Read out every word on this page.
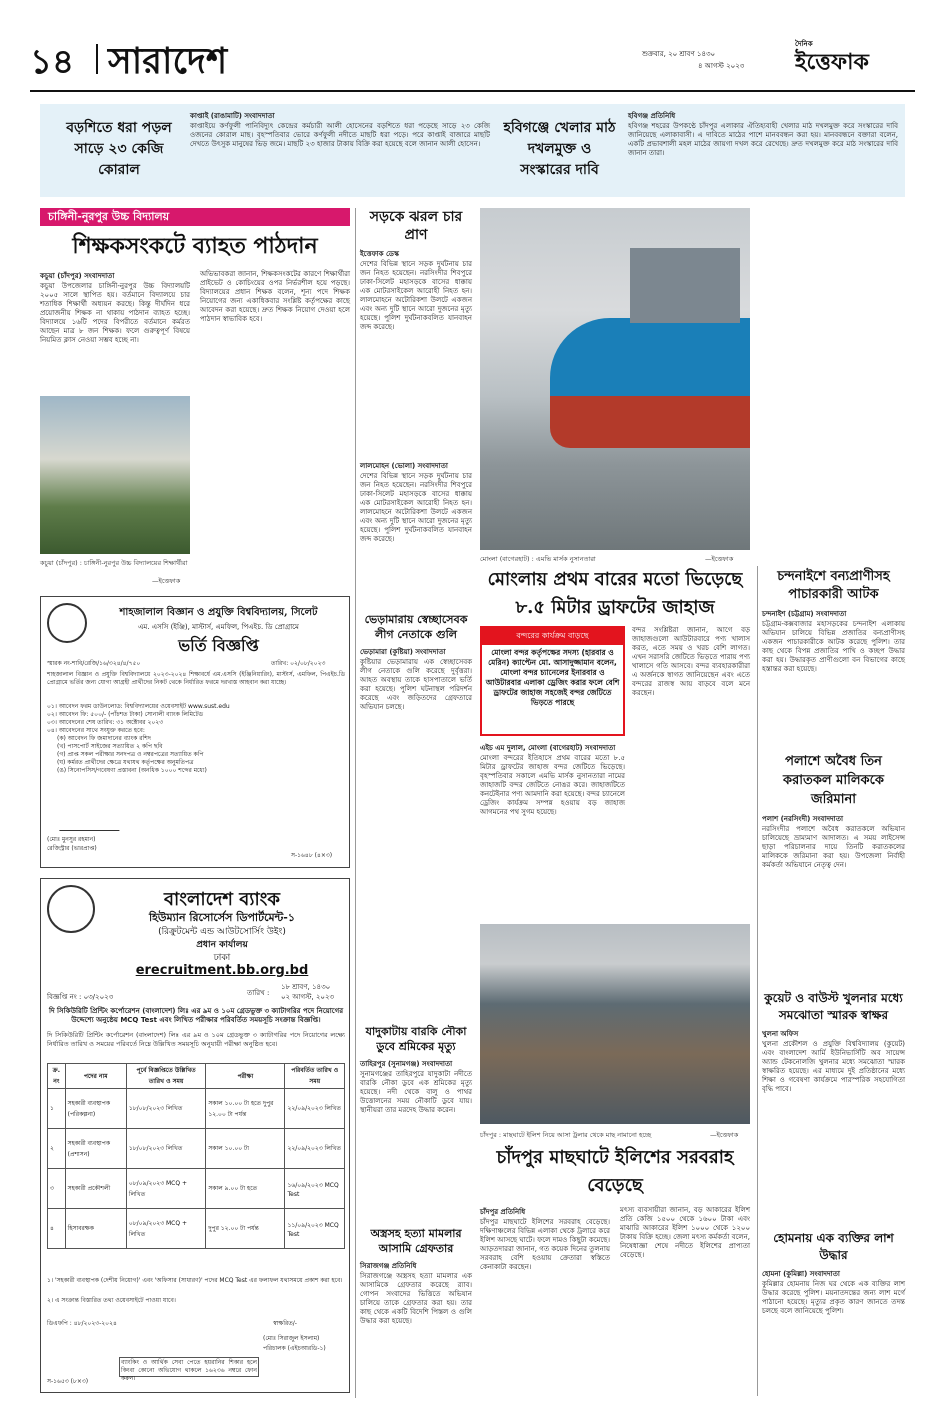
১৪ সারাদেশ	শুক্রবার, ২০ শ্রাবণ ১৪৩০
৪ আগস্ট ২০২৩
দৈনিক
ইত্তেফাক
বড়শিতে ধরা পড়ল সাড়ে ২৩ কেজি কোরাল
কাপ্তাই (রাঙামাটি) সংবাদদাতা
কাপ্তাইয়ে কর্ণফুলী পানিবিদ্যুৎ কেন্দ্রের কর্মচারী আলী হোসেনের বড়শিতে ধরা পড়েছে সাড়ে ২৩ কেজি ওজনের কোরাল মাছ। বৃহস্পতিবার ভোরে কর্ণফুলী নদীতে মাছটি ধরা পড়ে। পরে কাপ্তাই বাজারে মাছটি দেখতে উৎসুক মানুষের ভিড় জমে। মাছটি ২৩ হাজার টাকায় বিক্রি করা হয়েছে বলে জানান আলী হোসেন।
হবিগঞ্জে খেলার মাঠ দখলমুক্ত ও সংস্কারের দাবি
হবিগঞ্জ প্রতিনিধি
হবিগঞ্জ শহরের উপকণ্ঠে চাঁদপুর এলাকার ঐতিহ্যবাহী খেলার মাঠ দখলমুক্ত করে সংস্কারের দাবি জানিয়েছে এলাকাবাসী। এ দাবিতে মাঠের পাশে মানববন্ধন করা হয়। মানববন্ধনে বক্তারা বলেন, একটি প্রভাবশালী মহল মাঠের জায়গা দখল করে রেখেছে। দ্রুত দখলমুক্ত করে মাঠ সংস্কারের দাবি জানান তারা।
চাঙ্গিনী-নুরপুর উচ্চ বিদ্যালয়
শিক্ষকসংকটে ব্যাহত পাঠদান
কচুয়া (চাঁদপুর) সংবাদদাতা
কচুয়া উপজেলার চাঙ্গিনী-নুরপুর উচ্চ বিদ্যালয়টি ২০০৫ সালে স্থাপিত হয়। বর্তমানে বিদ্যালয়ে চার শতাধিক শিক্ষার্থী অধ্যয়ন করছে। কিন্তু দীর্ঘদিন ধরে প্রয়োজনীয় শিক্ষক না থাকায় পাঠদান ব্যাহত হচ্ছে। বিদ্যালয়ে ১৬টি পদের বিপরীতে বর্তমানে কর্মরত আছেন মাত্র ৮ জন শিক্ষক। ফলে গুরুত্বপূর্ণ বিষয়ে নিয়মিত ক্লাস নেওয়া সম্ভব হচ্ছে না।
কচুয়া (চাঁদপুর) : চাঙ্গিনী-নুরপুর উচ্চ বিদ্যালয়ের শিক্ষার্থীরা
—ইত্তেফাক
অভিভাবকরা জানান, শিক্ষকসংকটের কারণে শিক্ষার্থীরা প্রাইভেট ও কোচিংয়ের ওপর নির্ভরশীল হয়ে পড়ছে। বিদ্যালয়ের প্রধান শিক্ষক বলেন, শূন্য পদে শিক্ষক নিয়োগের জন্য একাধিকবার সংশ্লিষ্ট কর্তৃপক্ষের কাছে আবেদন করা হয়েছে। দ্রুত শিক্ষক নিয়োগ দেওয়া হলে পাঠদান স্বাভাবিক হবে।
শাহজালাল বিজ্ঞান ও প্রযুক্তি বিশ্ববিদ্যালয়, সিলেট
এম. এসসি (ইঞ্জি), মাস্টার্স, এমফিল, পিএইচ. ডি প্রোগ্রামে
ভর্তি বিজ্ঞপ্তি
স্মারক নং-শাবি/রেজি/১৬/৩২৪/৪/৭৫০	তারিখ: ০২/০৮/২০২৩
শাহজালাল বিজ্ঞান ও প্রযুক্তি বিশ্ববিদ্যালয়ে ২০২৩-২০২৪ শিক্ষাবর্ষে এম.এসসি (ইঞ্জিনিয়ারিং), মাস্টার্স, এমফিল, পিএইচ.ডি প্রোগ্রামে ভর্তির জন্য যোগ্য আগ্রহী প্রার্থীদের নিকট থেকে নির্ধারিত ফরমে দরখাস্ত আহবান করা যাচ্ছে।
০১। আবেদন ফরম ডাউনলোড: বিশ্ববিদ্যালয়ের ওয়েবসাইট www.sust.edu
০২। আবেদন ফি: ৫০০/- (পাঁচশত টাকা) সোনালী ব্যাংক লিমিটেড
০৩। আবেদনের শেষ তারিখ: ৩১ অক্টোবর ২০২৩
০৪। আবেদনের সাথে সংযুক্ত করতে হবে:
(ক) আবেদন ফি জমাদানের ব্যাংক রশিদ
(খ) পাসপোর্ট সাইজের সত্যায়িত ২ কপি ছবি
(গ) প্রাপ্ত সকল পরীক্ষার সনদপত্র ও নম্বরপত্রের সত্যায়িত কপি
(ঘ) কর্মরত প্রার্থীদের ক্ষেত্রে যথাযথ কর্তৃপক্ষের অনুমতিপত্র
(ঙ) সিনোপসিস/গবেষণা প্রস্তাবনা (অনধিক ১০০০ শব্দের মধ্যে)
(মোঃ মুনসুর রহমান)
রেজিস্ট্রার (ভারপ্রাপ্ত)
স-১৬৪৮ (৪×৩)
বাংলাদেশ ব্যাংক
হিউম্যান রিসোর্সেস ডিপার্টমেন্ট-১
(রিক্রুটমেন্ট এন্ড আউটসোর্সিং উইং)
প্রধান কার্যালয়
ঢাকা
erecruitment.bb.org.bd
বিজ্ঞপ্তি নং : ০৩/২০২৩	তারিখ :
১৮ শ্রাবণ, ১৪৩০
০২ আগস্ট, ২০২৩
দি সিকিউরিটি প্রিন্টিং কর্পোরেশন (বাংলাদেশ) লিঃ এর ৯ম ও ১০ম গ্রেডভুক্ত ৩ ক্যাটাগরির পদে নিয়োগের উদ্দেশ্যে অনুষ্ঠেয় MCQ Test এবং লিখিত পরীক্ষার পরিবর্তিত সময়সূচি সংক্রান্ত বিজ্ঞপ্তি।
দি সিকিউরিটি প্রিন্টিং কর্পোরেশন (বাংলাদেশ) লিঃ এর ৯ম ও ১০ম গ্রেডভুক্ত ৩ ক্যাটাগরির পদে নিয়োগের লক্ষ্যে নির্ধারিত তারিখ ও সময়ের পরিবর্তে নিম্নে উল্লিখিত সময়সূচি অনুযায়ী পরীক্ষা অনুষ্ঠিত হবে।
ক্র. নং	পদের নাম	পূর্বে বিজ্ঞপ্তিতে উল্লিখিত তারিখ ও সময়	পরীক্ষা	পরিবর্তিত তারিখ ও সময়
১	সহকারী ব্যবস্থাপক (পরিকল্পনা)	১৮/০৮/২০২৩ লিখিত	সকাল ১০.০০ টা হতে দুপুর ১২.০০ টা পর্যন্ত	২২/০৯/২০২৩ লিখিত
২	সহকারী ব্যবস্থাপক (প্রশাসন)	১৮/০৮/২০২৩ লিখিত	সকাল ১০.০০ টা	২২/০৯/২০২৩ লিখিত
৩	সহকারী প্রকৌশলী	০৮/০৯/২০২৩ MCQ + লিখিত	সকাল ৯.০০ টা হতে	১৬/০৯/২০২৩ MCQ Test
৪	হিসাবরক্ষক	০৮/০৯/২০২৩ MCQ + লিখিত	দুপুর ১২.০০ টা পর্যন্ত	১১/০৯/২০২৩ MCQ Test
১। 'সহকারী ব্যবস্থাপক (দেশীয় নিয়োগ)' এবং 'অফিসার (সাধারণ)' পদের MCQ Test এর ফলাফল যথাসময়ে প্রকাশ করা হবে।
২। এ সংক্রান্ত বিস্তারিত তথ্য ওয়েবসাইটে পাওয়া যাবে।
ডিএফপি : ৪৮/২০২৩-২০২৪	স্বাক্ষরিত/-
(মোঃ সিরাজুল ইসলাম)
পরিচালক (এইচআরডি-১)
ব্যাংকিং ও আর্থিক সেবা পেতে হয়রানির শিকার হলে কিংবা কোনো অভিযোগ থাকলে ১৬২৩৬ নম্বরে ফোন করুন।
স-১৬৫৩ (৮×৩)
সড়কে ঝরল চার প্রাণ
ইত্তেফাক ডেস্ক
দেশের বিভিন্ন স্থানে সড়ক দুর্ঘটনায় চার জন নিহত হয়েছেন। নরসিংদীর শিবপুরে ঢাকা-সিলেট মহাসড়কে বাসের ধাক্কায় এক মোটরসাইকেল আরোহী নিহত হন। লালমোহনে অটোরিকশা উলটে একজন এবং অন্য দুটি স্থানে আরো দুজনের মৃত্যু হয়েছে। পুলিশ দুর্ঘটনাকবলিত যানবাহন জব্দ করেছে।
লালমোহন (ভোলা) সংবাদদাতা
দেশের বিভিন্ন স্থানে সড়ক দুর্ঘটনায় চার জন নিহত হয়েছেন। নরসিংদীর শিবপুরে ঢাকা-সিলেট মহাসড়কে বাসের ধাক্কায় এক মোটরসাইকেল আরোহী নিহত হন। লালমোহনে অটোরিকশা উলটে একজন এবং অন্য দুটি স্থানে আরো দুজনের মৃত্যু হয়েছে। পুলিশ দুর্ঘটনাকবলিত যানবাহন জব্দ করেছে।
ভেড়ামারায় স্বেচ্ছাসেবক লীগ নেতাকে গুলি
ভেড়ামারা (কুষ্টিয়া) সংবাদদাতা
কুষ্টিয়ার ভেড়ামারায় এক স্বেচ্ছাসেবক লীগ নেতাকে গুলি করেছে দুর্বৃত্তরা। আহত অবস্থায় তাকে হাসপাতালে ভর্তি করা হয়েছে। পুলিশ ঘটনাস্থল পরিদর্শন করেছে এবং জড়িতদের গ্রেফতারে অভিযান চলছে।
যাদুকাটায় বারকি নৌকা ডুবে শ্রমিকের মৃত্যু
তাহিরপুর (সুনামগঞ্জ) সংবাদদাতা
সুনামগঞ্জের তাহিরপুরে যাদুকাটা নদীতে বারকি নৌকা ডুবে এক শ্রমিকের মৃত্যু হয়েছে। নদী থেকে বালু ও পাথর উত্তোলনের সময় নৌকাটি ডুবে যায়। স্থানীয়রা তার মরদেহ উদ্ধার করেন।
অস্ত্রসহ হত্যা মামলার আসামি গ্রেফতার
সিরাজগঞ্জ প্রতিনিধি
সিরাজগঞ্জে অস্ত্রসহ হত্যা মামলার এক আসামিকে গ্রেফতার করেছে র‌্যাব। গোপন সংবাদের ভিত্তিতে অভিযান চালিয়ে তাকে গ্রেফতার করা হয়। তার কাছ থেকে একটি বিদেশি পিস্তল ও গুলি উদ্ধার করা হয়েছে।
মোংলা (বাগেরহাট) : এমভি মার্সক নুসানতারা	—ইত্তেফাক
মোংলায় প্রথম বারের মতো ভিড়েছে ৮.৫ মিটার ড্রাফটের জাহাজ
বন্দরের কার্যক্রম বাড়ছে
মোংলা বন্দর কর্তৃপক্ষের সদস্য (হারবার ও মেরিন) ক্যাপ্টেন মো. আসাদুজ্জামান বলেন, মোংলা বন্দর চ্যানেলের ইনারবার ও আউটারবার এলাকা ড্রেজিং করার ফলে বেশি ড্রাফটের জাহাজ সহজেই বন্দর জেটিতে ভিড়তে পারছে
বন্দর সংশ্লিষ্টরা জানান, আগে বড় জাহাজগুলো আউটারবারে পণ্য খালাস করত, এতে সময় ও খরচ বেশি লাগত। এখন সরাসরি জেটিতে ভিড়তে পারায় পণ্য খালাসে গতি আসবে। বন্দর ব্যবহারকারীরা এ অর্জনকে স্বাগত জানিয়েছেন এবং এতে বন্দরের রাজস্ব আয় বাড়বে বলে মনে করছেন।
এইচ এম দুলাল, মোংলা (বাগেরহাট) সংবাদদাতা
মোংলা বন্দরের ইতিহাসে প্রথম বারের মতো ৮.৫ মিটার ড্রাফটের জাহাজ বন্দর জেটিতে ভিড়েছে। বৃহস্পতিবার সকালে এমভি মার্সক নুসানতারা নামের জাহাজটি বন্দর জেটিতে নোঙর করে। জাহাজটিতে কনটেইনার পণ্য আমদানি করা হয়েছে। বন্দর চ্যানেলে ড্রেজিং কার্যক্রম সম্পন্ন হওয়ায় বড় জাহাজ আগমনের পথ সুগম হয়েছে।
চাঁদপুর : মাছঘাটে ইলিশ নিয়ে আসা ট্রলার থেকে মাছ নামানো হচ্ছে	—ইত্তেফাক
চাঁদপুর মাছঘাটে ইলিশের সরবরাহ বেড়েছে
চাঁদপুর প্রতিনিধি
চাঁদপুর মাছঘাটে ইলিশের সরবরাহ বেড়েছে। দক্ষিণাঞ্চলের বিভিন্ন এলাকা থেকে ট্রলারে করে ইলিশ আসছে ঘাটে। ফলে দামও কিছুটা কমেছে। আড়তদাররা জানান, গত কয়েক দিনের তুলনায় সরবরাহ বেশি হওয়ায় ক্রেতারা স্বস্তিতে কেনাকাটা করছেন।
মৎস্য ব্যবসায়ীরা জানান, বড় আকারের ইলিশ প্রতি কেজি ১৫০০ থেকে ১৬০০ টাকা এবং মাঝারি আকারের ইলিশ ১০০০ থেকে ১২০০ টাকায় বিক্রি হচ্ছে। জেলা মৎস্য কর্মকর্তা বলেন, নিষেধাজ্ঞা শেষে নদীতে ইলিশের প্রাপ্যতা বেড়েছে।
চন্দনাইশে বন্যপ্রাণীসহ পাচারকারী আটক
চন্দনাইশ (চট্টগ্রাম) সংবাদদাতা
চট্টগ্রাম-কক্সবাজার মহাসড়কের চন্দনাইশ এলাকায় অভিযান চালিয়ে বিভিন্ন প্রজাতির বন্যপ্রাণীসহ একজন পাচারকারীকে আটক করেছে পুলিশ। তার কাছ থেকে বিপন্ন প্রজাতির পাখি ও কচ্ছপ উদ্ধার করা হয়। উদ্ধারকৃত প্রাণীগুলো বন বিভাগের কাছে হস্তান্তর করা হয়েছে।
পলাশে অবৈধ তিন করাতকল মালিককে জরিমানা
পলাশ (নরসিংদী) সংবাদদাতা
নরসিংদীর পলাশে অবৈধ করাতকলে অভিযান চালিয়েছে ভ্রাম্যমাণ আদালত। এ সময় লাইসেন্স ছাড়া পরিচালনার দায়ে তিনটি করাতকলের মালিককে জরিমানা করা হয়। উপজেলা নির্বাহী কর্মকর্তা অভিযানে নেতৃত্ব দেন।
কুয়েট ও বাউস্ট খুলনার মধ্যে সমঝোতা স্মারক স্বাক্ষর
খুলনা অফিস
খুলনা প্রকৌশল ও প্রযুক্তি বিশ্ববিদ্যালয় (কুয়েট) এবং বাংলাদেশ আর্মি ইউনিভার্সিটি অব সায়েন্স অ্যান্ড টেকনোলজি খুলনার মধ্যে সমঝোতা স্মারক স্বাক্ষরিত হয়েছে। এর মাধ্যমে দুই প্রতিষ্ঠানের মধ্যে শিক্ষা ও গবেষণা কার্যক্রমে পারস্পরিক সহযোগিতা বৃদ্ধি পাবে।
হোমনায় এক ব্যক্তির লাশ উদ্ধার
হোমনা (কুমিল্লা) সংবাদদাতা
কুমিল্লার হোমনায় নিজ ঘর থেকে এক ব্যক্তির লাশ উদ্ধার করেছে পুলিশ। ময়নাতদন্তের জন্য লাশ মর্গে পাঠানো হয়েছে। মৃত্যুর প্রকৃত কারণ জানতে তদন্ত চলছে বলে জানিয়েছে পুলিশ।
